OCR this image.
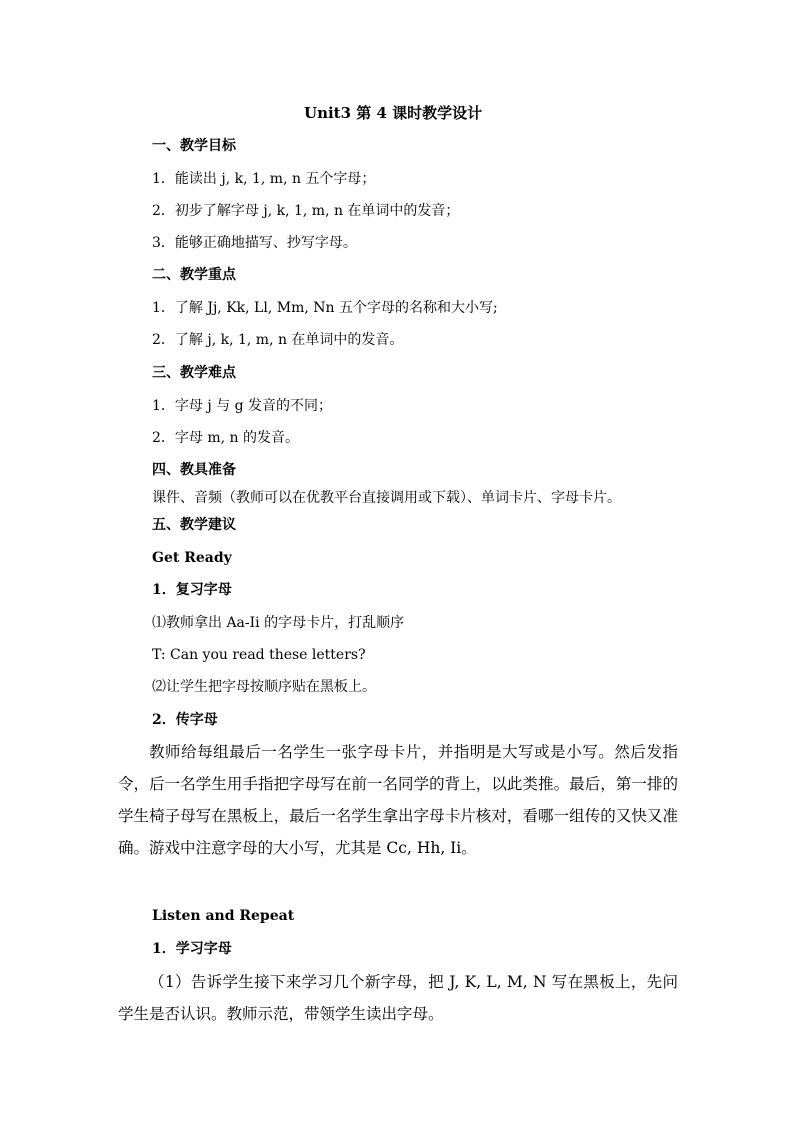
Unit3 第 4 课时教学设计
一、教学目标
1．能读出 j, k, 1, m, n 五个字母；
2．初步了解字母 j, k, 1, m, n 在单词中的发音；
3．能够正确地描写、抄写字母。
二、教学重点
1．了解 Jj, Kk, Ll, Mm, Nn 五个字母的名称和大小写;
2．了解 j, k, 1, m, n 在单词中的发音。
三、教学难点
1．字母 j 与 g 发音的不同；
2．字母 m, n 的发音。
四、教具准备
课件、音频（教师可以在优教平台直接调用或下载）、单词卡片、字母卡片。
五、教学建议
Get Ready
1．复习字母
⑴教师拿出 Aa-Ii 的字母卡片，打乱顺序
T: Can you read these letters?
⑵让学生把字母按顺序贴在黑板上。
2．传字母
教师给每组最后一名学生一张字母卡片，并指明是大写或是小写。然后发指令，后一名学生用手指把字母写在前一名同学的背上，以此类推。最后，第一排的学生椅子母写在黑板上，最后一名学生拿出字母卡片核对，看哪一组传的又快又准确。游戏中注意字母的大小写，尤其是 Cc, Hh, Ii。
Listen and Repeat
1．学习字母
（1）告诉学生接下来学习几个新字母，把 J, K, L, M, N 写在黑板上，先问学生是否认识。教师示范，带领学生读出字母。
